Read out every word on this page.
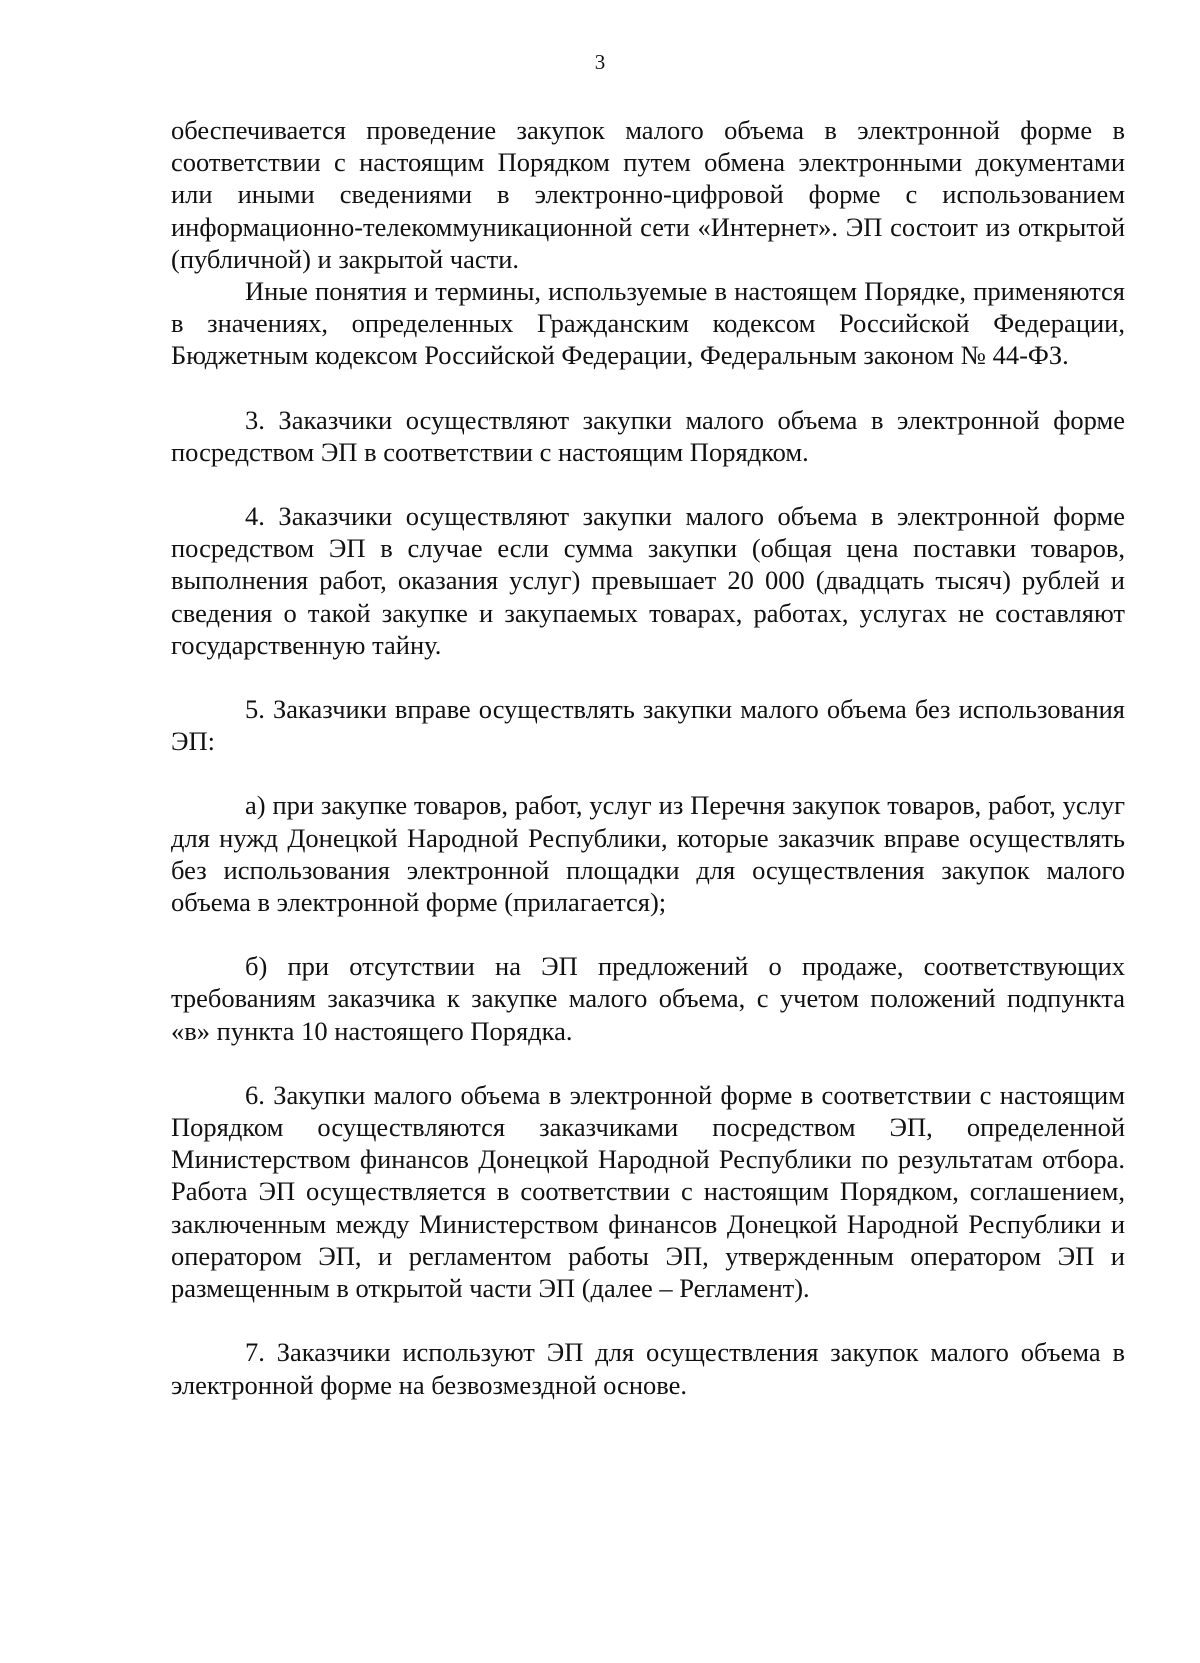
3

обеспечивается проведение закупок малого объема в электронной форме в соответствии с настоящим Порядком путем обмена электронными документами или иными сведениями в электронно-цифровой форме с использованием информационно-телекоммуникационной сети «Интернет». ЭП состоит из открытой (публичной) и закрытой части.

Иные понятия и термины, используемые в настоящем Порядке, применяются в значениях, определенных Гражданским кодексом Российской Федерации, Бюджетным кодексом Российской Федерации, Федеральным законом № 44-ФЗ.

3. Заказчики осуществляют закупки малого объема в электронной форме посредством ЭП в соответствии с настоящим Порядком.

4. Заказчики осуществляют закупки малого объема в электронной форме посредством ЭП в случае если сумма закупки (общая цена поставки товаров, выполнения работ, оказания услуг) превышает 20 000 (двадцать тысяч) рублей и сведения о такой закупке и закупаемых товарах, работах, услугах не составляют государственную тайну.

5. Заказчики вправе осуществлять закупки малого объема без использования ЭП:

а) при закупке товаров, работ, услуг из Перечня закупок товаров, работ, услуг для нужд Донецкой Народной Республики, которые заказчик вправе осуществлять без использования электронной площадки для осуществления закупок малого объема в электронной форме (прилагается);

б) при отсутствии на ЭП предложений о продаже, соответствующих требованиям заказчика к закупке малого объема, с учетом положений подпункта «в» пункта 10 настоящего Порядка.

6. Закупки малого объема в электронной форме в соответствии с настоящим Порядком осуществляются заказчиками посредством ЭП, определенной Министерством финансов Донецкой Народной Республики по результатам отбора. Работа ЭП осуществляется в соответствии с настоящим Порядком, соглашением, заключенным между Министерством финансов Донецкой Народной Республики и оператором ЭП, и регламентом работы ЭП, утвержденным оператором ЭП и размещенным в открытой части ЭП (далее – Регламент).

7. Заказчики используют ЭП для осуществления закупок малого объема в электронной форме на безвозмездной основе.
